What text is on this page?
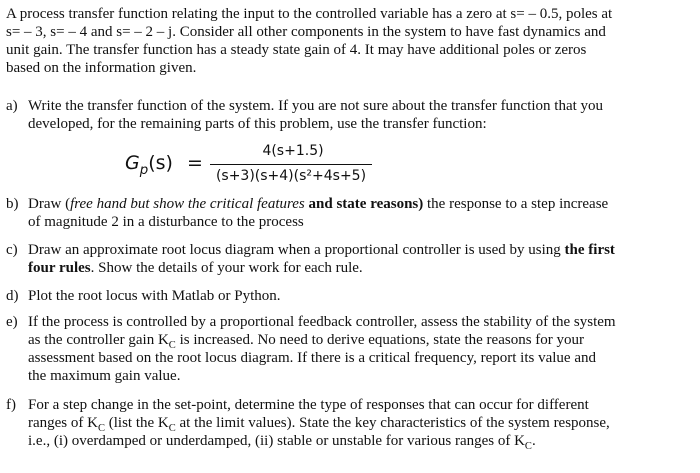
A process transfer function relating the input to the controlled variable has a zero at s= – 0.5, poles at
s= – 3, s= – 4 and s= – 2 – j. Consider all other components in the system to have fast dynamics and
unit gain. The transfer function has a steady state gain of 4. It may have additional poles or zeros
based on the information given.
a) Write the transfer function of the system. If you are not sure about the transfer function that you
developed, for the remaining parts of this problem, use the transfer function:
$G_p(s)$ =
4(s+1.5)
(s+3)(s+4)(s²+4s+5)
b) Draw (free hand but show the critical features and state reasons) the response to a step increase
of magnitude 2 in a disturbance to the process
c) Draw an approximate root locus diagram when a proportional controller is used by using the first
four rules. Show the details of your work for each rule.
d) Plot the root locus with Matlab or Python.
e) If the process is controlled by a proportional feedback controller, assess the stability of the system
as the controller gain $K_C$ is increased. No need to derive equations, state the reasons for your
assessment based on the root locus diagram. If there is a critical frequency, report its value and
the maximum gain value.
f) For a step change in the set-point, determine the type of responses that can occur for different
ranges of $K_C$ (list the $K_C$ at the limit values). State the key characteristics of the system response,
i.e., (i) overdamped or underdamped, (ii) stable or unstable for various ranges of $K_C$.
